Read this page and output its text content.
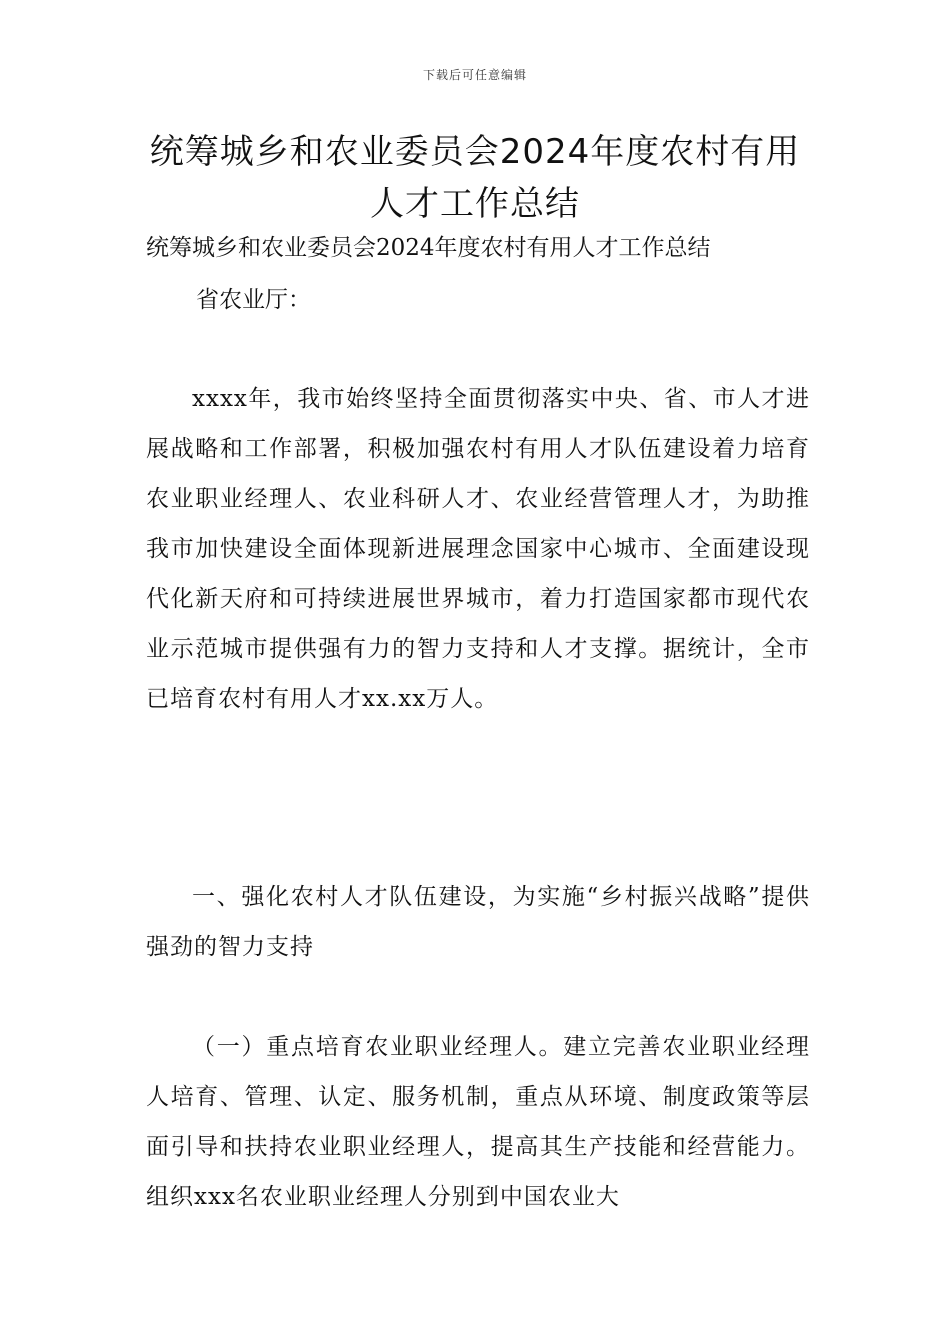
下载后可任意编辑
统筹城乡和农业委员会2024年度农村有用人才工作总结
统筹城乡和农业委员会2024年度农村有用人才工作总结
省农业厅：

xxxx年，我市始终坚持全面贯彻落实中央、省、市人才进展战略和工作部署，积极加强农村有用人才队伍建设着力培育农业职业经理人、农业科研人才、农业经营管理人才，为助推我市加快建设全面体现新进展理念国家中心城市、全面建设现代化新天府和可持续进展世界城市，着力打造国家都市现代农业示范城市提供强有力的智力支持和人才支撑。据统计，全市已培育农村有用人才xx.xx万人。

一、强化农村人才队伍建设，为实施“乡村振兴战略”提供强劲的智力支持

（一）重点培育农业职业经理人。建立完善农业职业经理人培育、管理、认定、服务机制，重点从环境、制度政策等层面引导和扶持农业职业经理人，提高其生产技能和经营能力。组织xxx名农业职业经理人分别到中国农业大
